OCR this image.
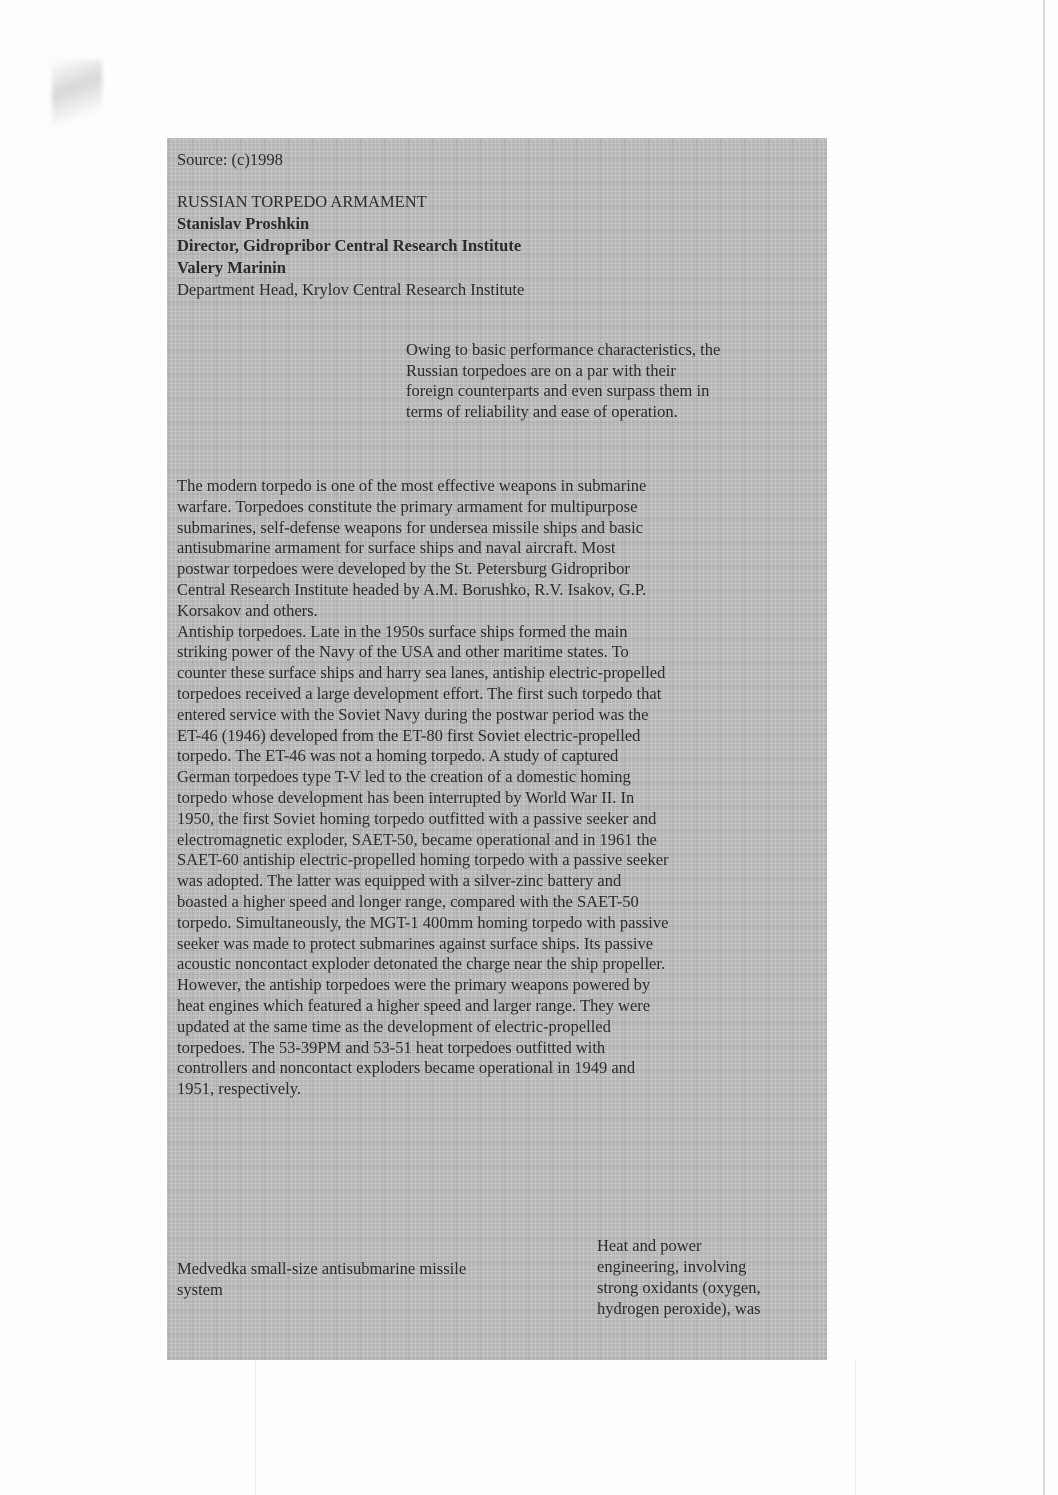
Source: (c)1998
RUSSIAN TORPEDO ARMAMENT
Stanislav Proshkin
Director, Gidropribor Central Research Institute
Valery Marinin
Department Head, Krylov Central Research Institute
Owing to basic performance characteristics, the
Russian torpedoes are on a par with their
foreign counterparts and even surpass them in
terms of reliability and ease of operation.
The modern torpedo is one of the most effective weapons in submarine
warfare. Torpedoes constitute the primary armament for multipurpose
submarines, self-defense weapons for undersea missile ships and basic
antisubmarine armament for surface ships and naval aircraft. Most
postwar torpedoes were developed by the St. Petersburg Gidropribor
Central Research Institute headed by A.M. Borushko, R.V. Isakov, G.P.
Korsakov and others.
Antiship torpedoes. Late in the 1950s surface ships formed the main
striking power of the Navy of the USA and other maritime states. To
counter these surface ships and harry sea lanes, antiship electric-propelled
torpedoes received a large development effort. The first such torpedo that
entered service with the Soviet Navy during the postwar period was the
ET-46 (1946) developed from the ET-80 first Soviet electric-propelled
torpedo. The ET-46 was not a homing torpedo. A study of captured
German torpedoes type T-V led to the creation of a domestic homing
torpedo whose development has been interrupted by World War II. In
1950, the first Soviet homing torpedo outfitted with a passive seeker and
electromagnetic exploder, SAET-50, became operational and in 1961 the
SAET-60 antiship electric-propelled homing torpedo with a passive seeker
was adopted. The latter was equipped with a silver-zinc battery and
boasted a higher speed and longer range, compared with the SAET-50
torpedo. Simultaneously, the MGT-1 400mm homing torpedo with passive
seeker was made to protect submarines against surface ships. Its passive
acoustic noncontact exploder detonated the charge near the ship propeller.
However, the antiship torpedoes were the primary weapons powered by
heat engines which featured a higher speed and larger range. They were
updated at the same time as the development of electric-propelled
torpedoes. The 53-39PM and 53-51 heat torpedoes outfitted with
controllers and noncontact exploders became operational in 1949 and
1951, respectively.
Medvedka small-size antisubmarine missile
system
Heat and power
engineering, involving
strong oxidants (oxygen,
hydrogen peroxide), was
